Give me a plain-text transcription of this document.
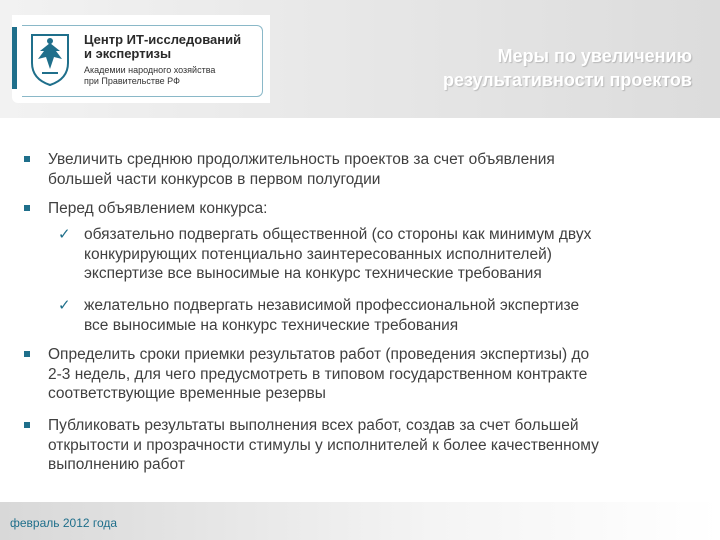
Центр ИТ-исследований
и экспертизы
Академии народного хозяйства
при Правительстве РФ
Меры по увеличению
результативности проектов
Увеличить среднюю продолжительность проектов за счет объявления
большей части конкурсов в первом полугодии
Перед объявлением конкурса:
✓ обязательно подвергать общественной (со стороны как минимум двух
конкурирующих потенциально заинтересованных исполнителей)
экспертизе все выносимые на конкурс технические требования
✓ желательно подвергать независимой профессиональной экспертизе
все выносимые на конкурс технические требования
Определить сроки приемки результатов работ (проведения экспертизы) до
2-3 недель, для чего предусмотреть в типовом государственном контракте
соответствующие временные резервы
Публиковать результаты выполнения всех работ, создав за счет большей
открытости и прозрачности стимулы у исполнителей к более качественному
выполнению работ
февраль 2012 года
